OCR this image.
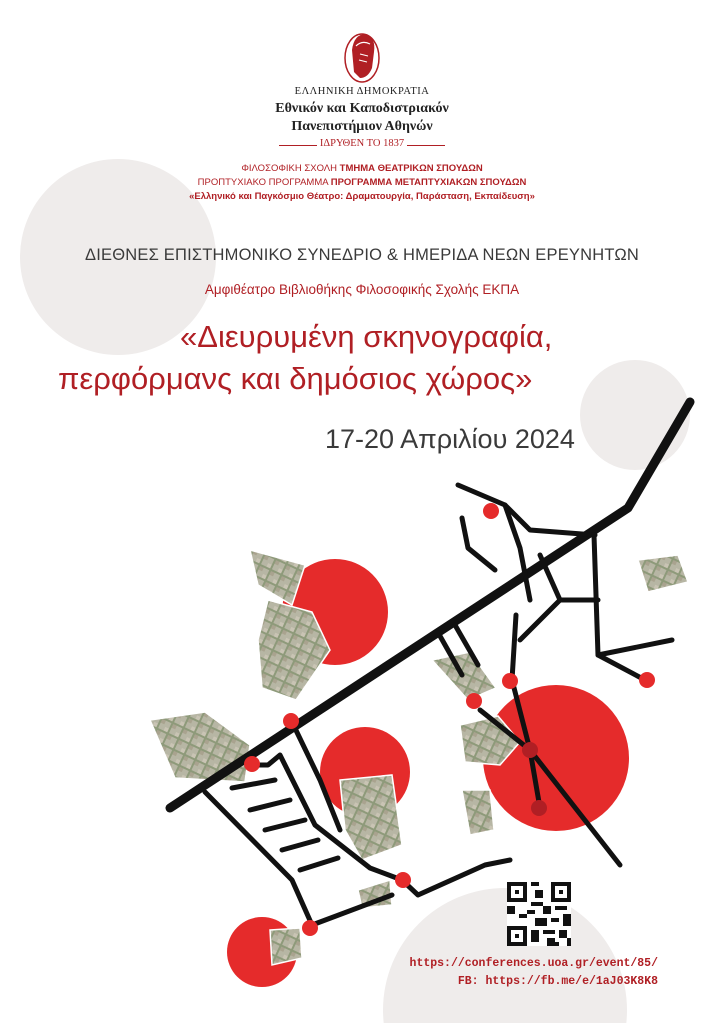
ΕΛΛΗΝΙΚΗ ΔΗΜΟΚΡΑΤΙΑ
Εθνικόν και Καποδιστριακόν
Πανεπιστήμιον Αθηνών
ΙΔΡΥΘΕΝ ΤΟ 1837
ΦΙΛΟΣΟΦΙΚΗ ΣΧΟΛΗ ΤΜΗΜΑ ΘΕΑΤΡΙΚΩΝ ΣΠΟΥΔΩΝ
ΠΡΟΠΤΥΧΙΑΚΟ ΠΡΟΓΡΑΜΜΑ ΠΡΟΓΡΑΜΜΑ ΜΕΤΑΠΤΥΧΙΑΚΩΝ ΣΠΟΥΔΩΝ
«Ελληνικό και Παγκόσμιο Θέατρο: Δραματουργία, Παράσταση, Εκπαίδευση»
ΔΙΕΘΝΕΣ ΕΠΙΣΤΗΜΟΝΙΚΟ ΣΥΝΕΔΡΙΟ & ΗΜΕΡΙΔΑ ΝΕΩΝ ΕΡΕΥΝΗΤΩΝ
Αμφιθέατρο Βιβλιοθήκης Φιλοσοφικής Σχολής ΕΚΠΑ
«Διευρυμένη σκηνογραφία,
περφόρμανς και δημόσιος χώρος»
17-20 Απριλίου 2024
https://conferences.uoa.gr/event/85/
FB: https://fb.me/e/1aJ03K8K8
